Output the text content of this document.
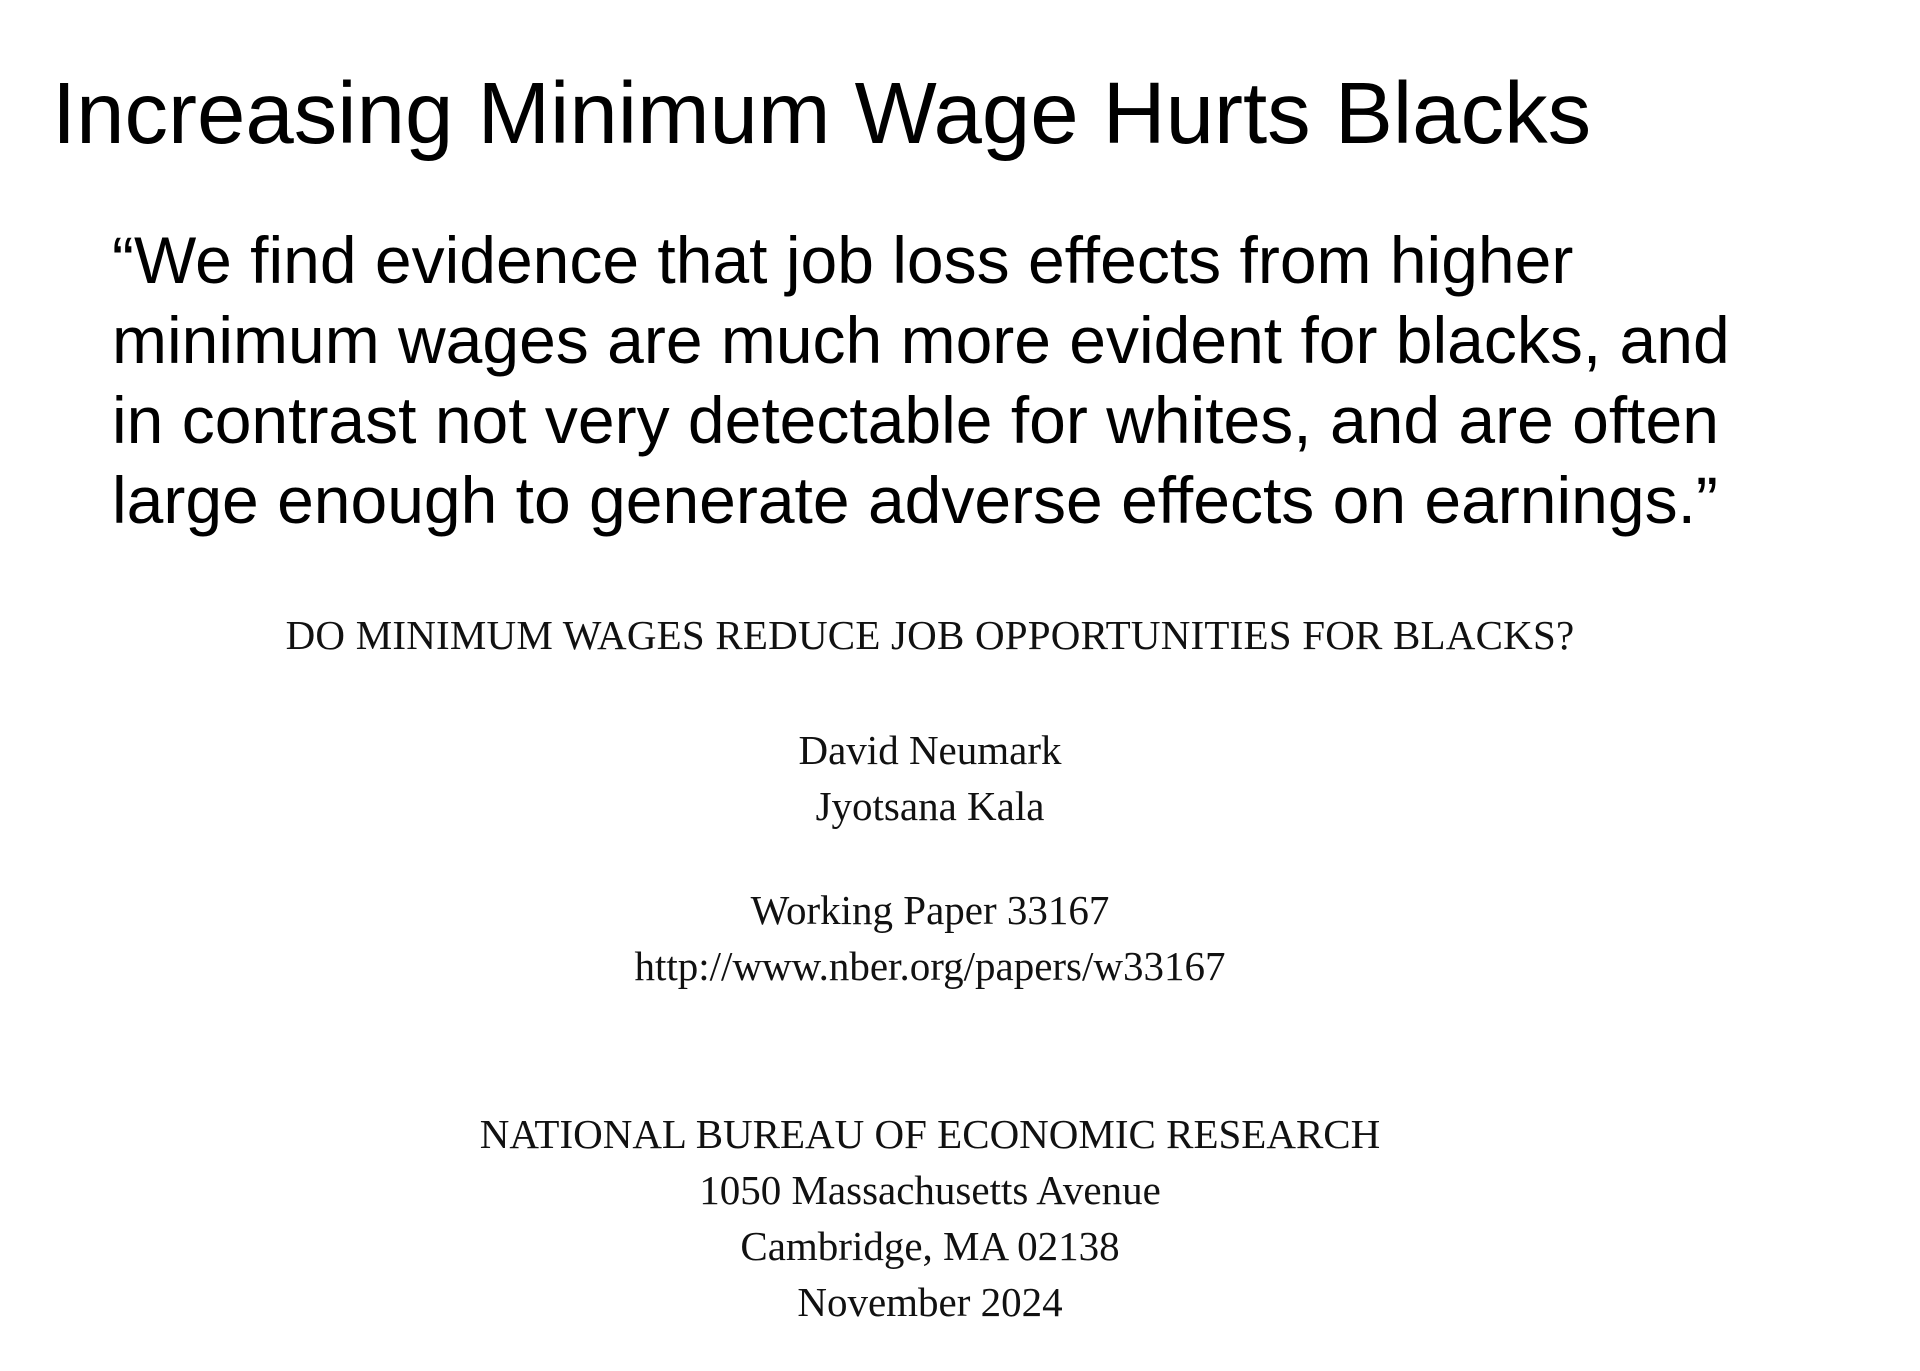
Increasing Minimum Wage Hurts Blacks

“We find evidence that job loss effects from higher
minimum wages are much more evident for blacks, and
in contrast not very detectable for whites, and are often
large enough to generate adverse effects on earnings.”

DO MINIMUM WAGES REDUCE JOB OPPORTUNITIES FOR BLACKS?
David Neumark
Jyotsana Kala
Working Paper 33167
http://www.nber.org/papers/w33167
NATIONAL BUREAU OF ECONOMIC RESEARCH
1050 Massachusetts Avenue
Cambridge, MA 02138
November 2024
